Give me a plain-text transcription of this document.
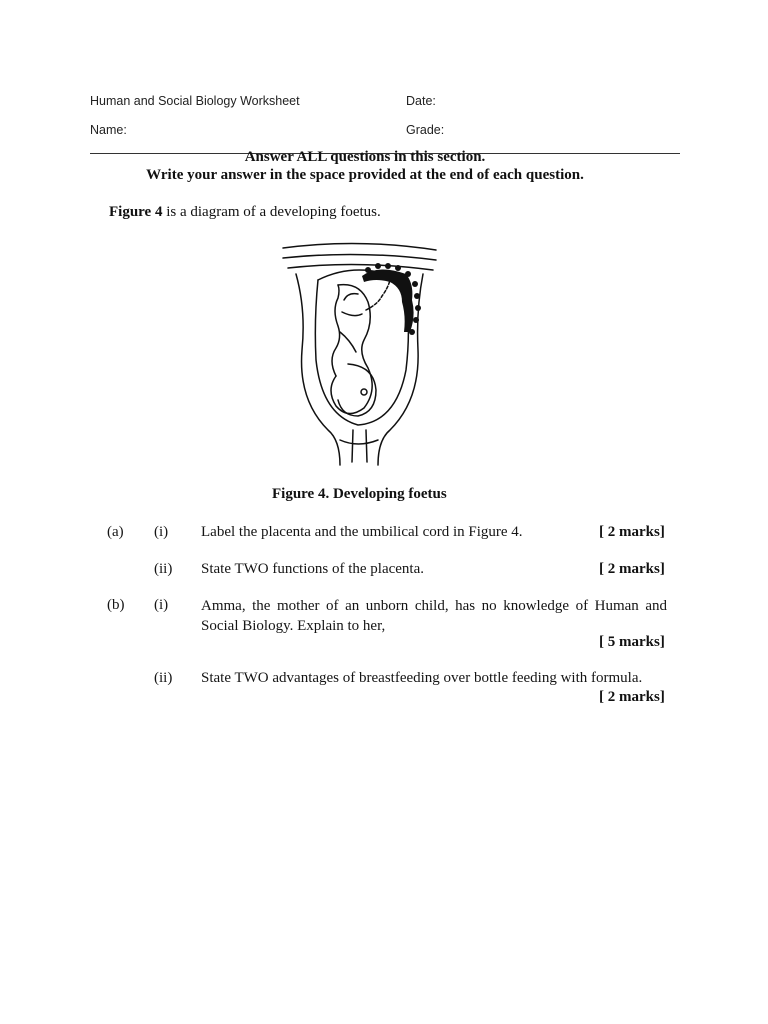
Human and Social Biology Worksheet	Date:
Name:	Grade:
Answer ALL questions in this section.
Write your answer in the space provided at the end of each question.
Figure 4 is a diagram of a developing foetus.
Figure 4. Developing foetus
(a) (i) Label the placenta and the umbilical cord in Figure 4.	[ 2 marks]
(ii) State TWO functions of the placenta.	[ 2 marks]
(b) (i) Amma, the mother of an unborn child, has no knowledge of Human and Social Biology. Explain to her,
[ 5 marks]
(ii) State TWO advantages of breastfeeding over bottle feeding with formula.
[ 2 marks]
